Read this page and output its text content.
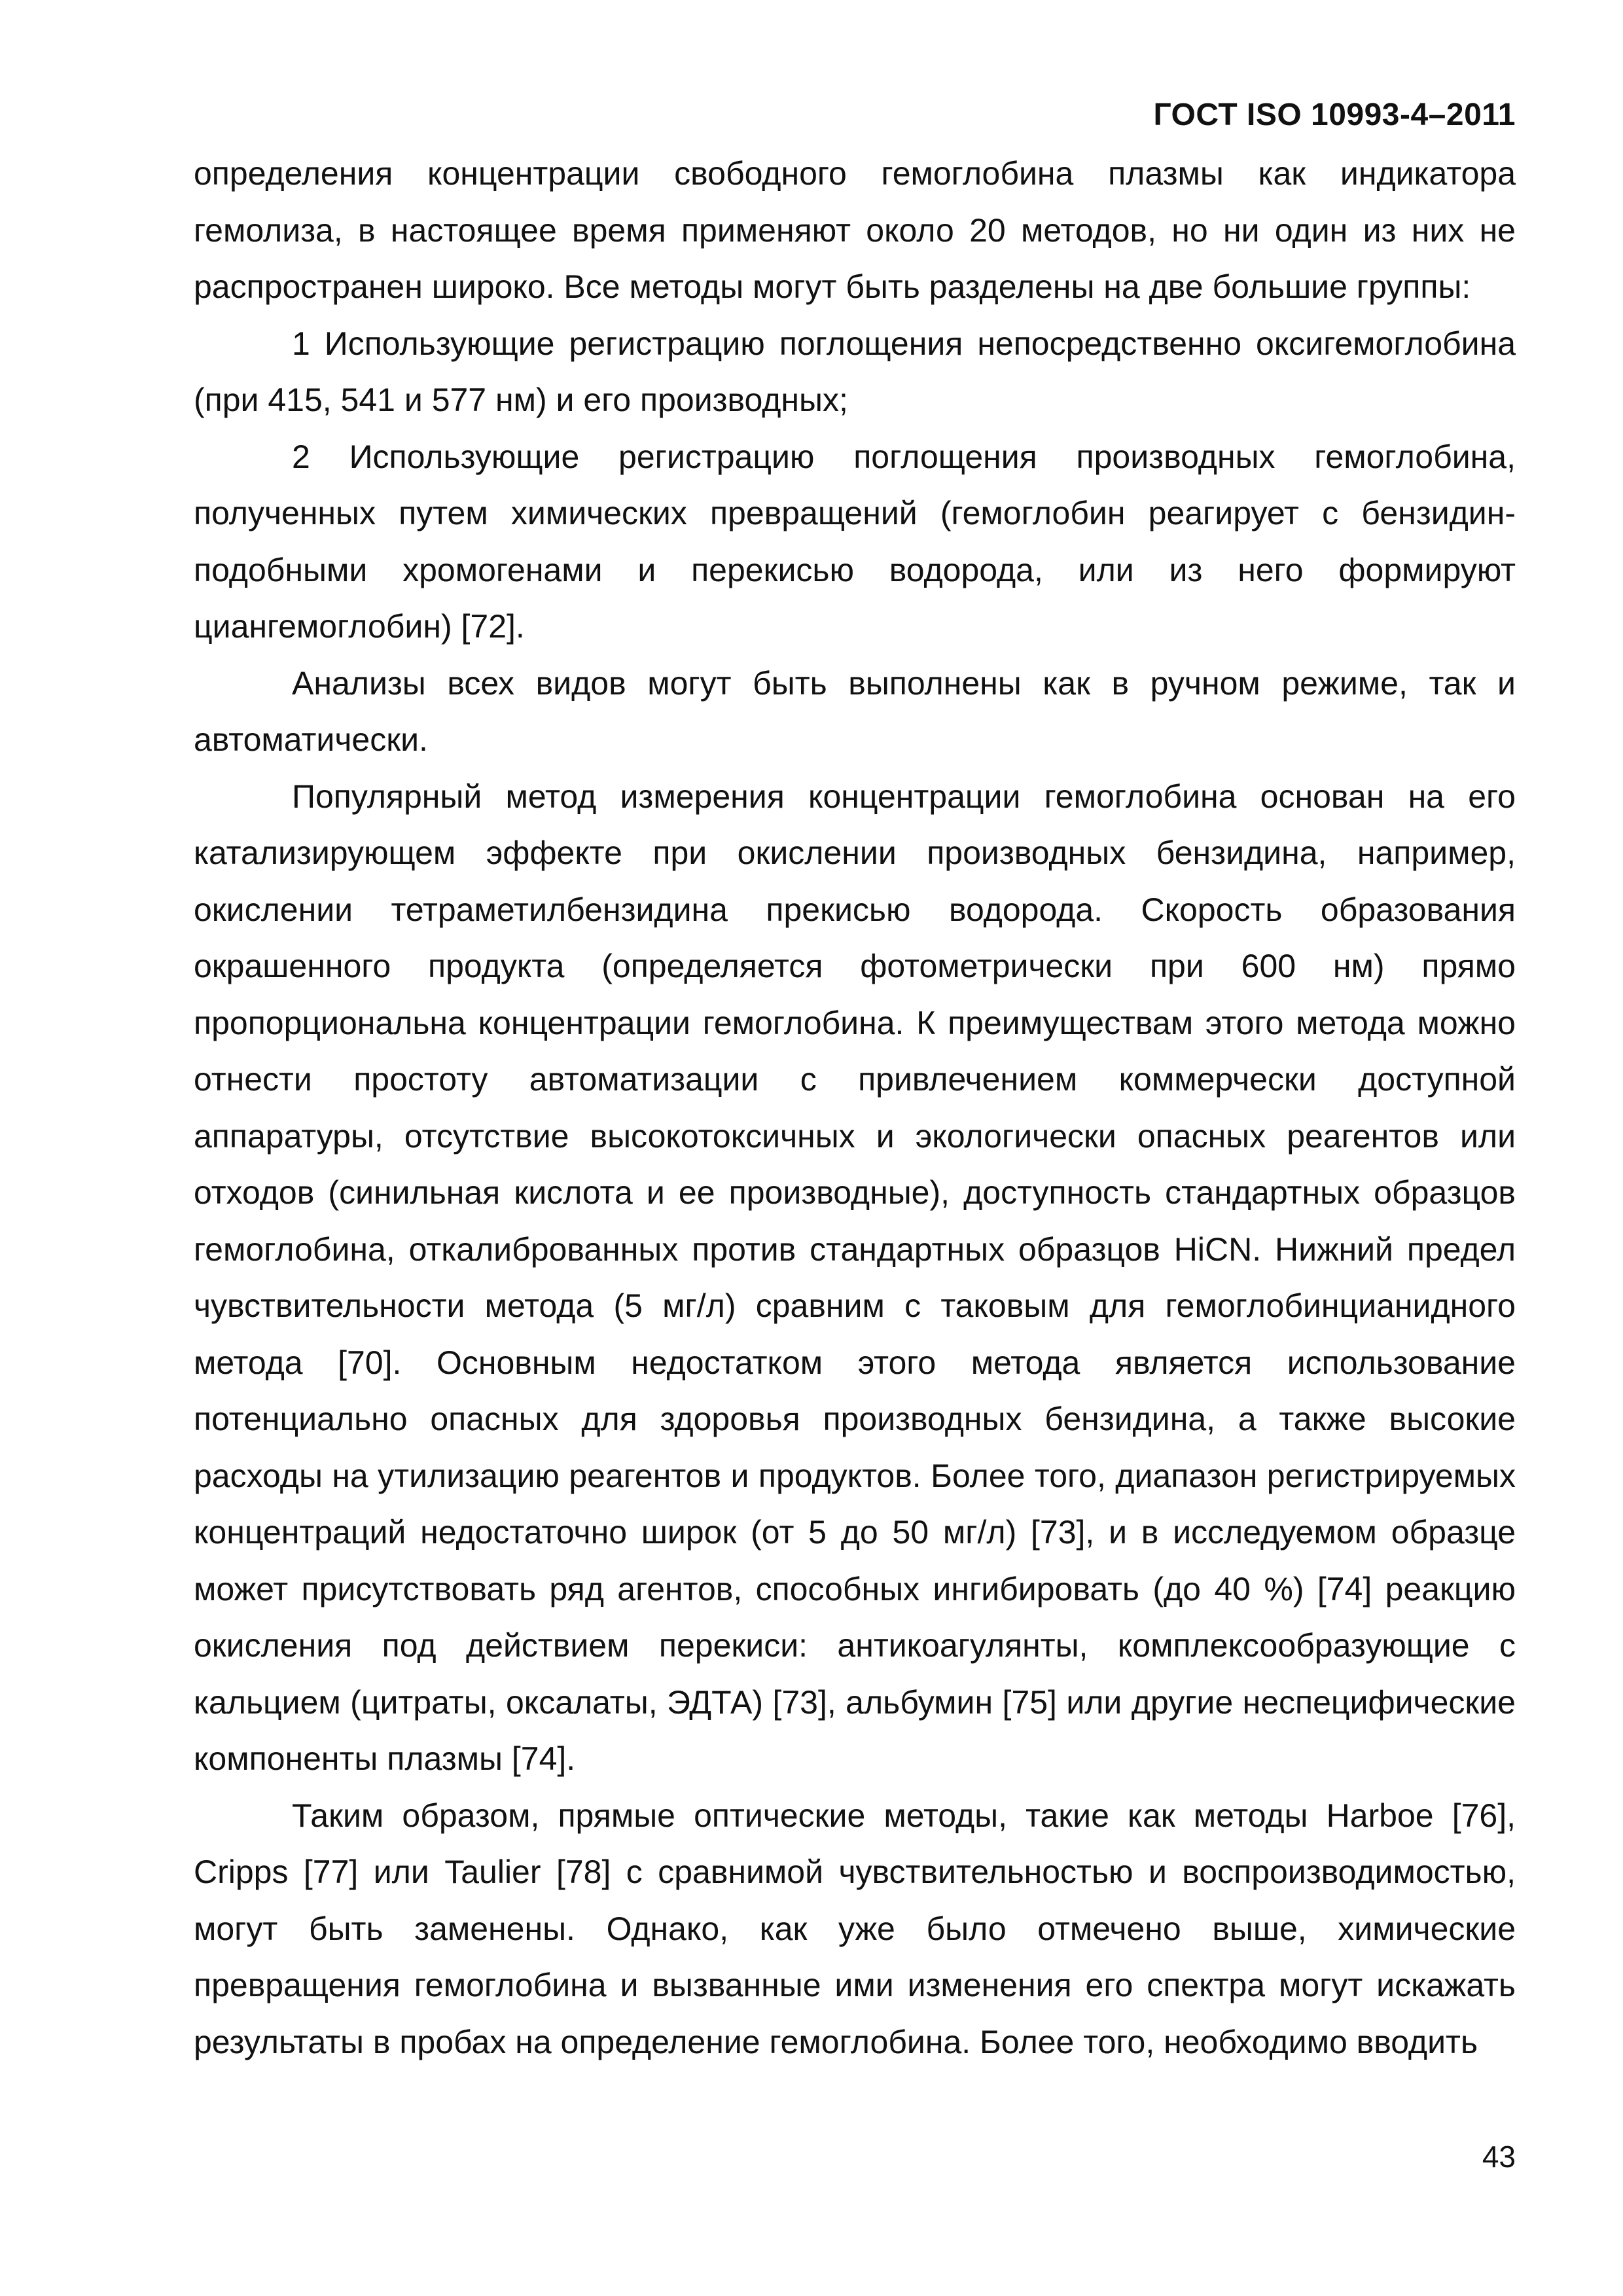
ГОСТ ISO 10993-4–2011

определения концентрации свободного гемоглобина плазмы как индикатора гемолиза, в настоящее время применяют около 20 методов, но ни один из них не распространен широко. Все методы могут быть разделены на две большие группы:

1 Использующие регистрацию поглощения непосредственно оксигемоглобина (при 415, 541 и 577 нм) и его производных;

2 Использующие регистрацию поглощения производных гемоглобина, полученных путем химических превращений (гемоглобин реагирует с бензидин-подобными хромогенами и перекисью водорода, или из него формируют циангемоглобин) [72].

Анализы всех видов могут быть выполнены как в ручном режиме, так и автоматически.

Популярный метод измерения концентрации гемоглобина основан на его катализирующем эффекте при окислении производных бензидина, например, окислении тетраметилбензидина прекисью водорода. Скорость образования окрашенного продукта (определяется фотометрически при 600 нм) прямо пропорциональна концентрации гемоглобина. К преимуществам этого метода можно отнести простоту автоматизации с привлечением коммерчески доступной аппаратуры, отсутствие высокотоксичных и экологически опасных реагентов или отходов (синильная кислота и ее производные), доступность стандартных образцов гемоглобина, откалиброванных против стандартных образцов HiCN. Нижний предел чувствительности метода (5 мг/л) сравним с таковым для гемоглобинцианидного метода [70]. Основным недостатком этого метода является использование потенциально опасных для здоровья производных бензидина, а также высокие расходы на утилизацию реагентов и продуктов. Более того, диапазон регистрируемых концентраций недостаточно широк (от 5 до 50 мг/л) [73], и в исследуемом образце может присутствовать ряд агентов, способных ингибировать (до 40 %) [74] реакцию окисления под действием перекиси: антикоагулянты, комплексообразующие с кальцием (цитраты, оксалаты, ЭДТА) [73], альбумин [75] или другие неспецифические компоненты плазмы [74].

Таким образом, прямые оптические методы, такие как методы Harboe [76], Cripps [77] или Taulier [78] с сравнимой чувствительностью и воспроизводимостью, могут быть заменены. Однако, как уже было отмечено выше, химические превращения гемоглобина и вызванные ими изменения его спектра могут искажать результаты в пробах на определение гемоглобина. Более того, необходимо вводить

43
